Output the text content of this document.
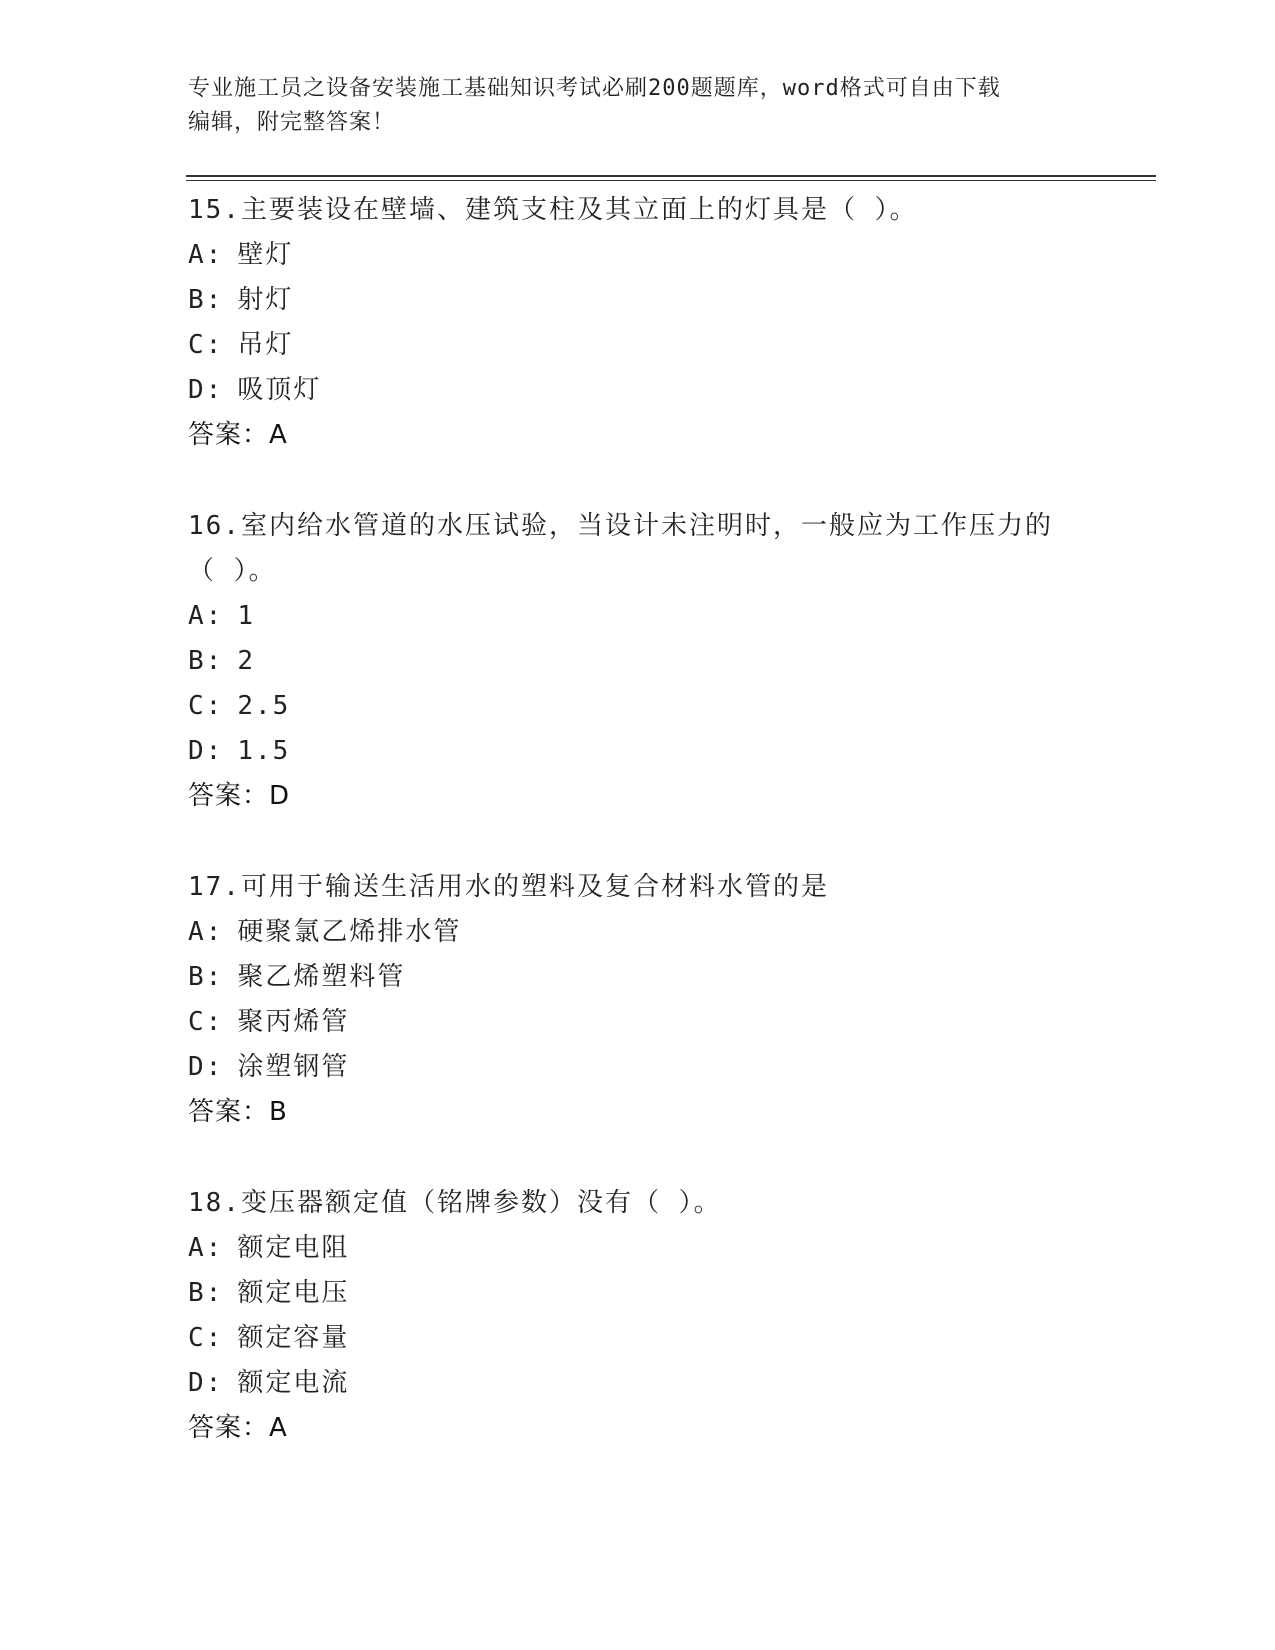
专业施工员之设备安装施工基础知识考试必刷200题题库，word格式可自由下载
编辑，附完整答案！

15.主要装设在壁墙、建筑支柱及其立面上的灯具是（ ）。

A: 壁灯
B: 射灯
C: 吊灯
D: 吸顶灯
答案： A

16.室内给水管道的水压试验，当设计未注明时，一般应为工作压力的

（ ）。

A: 1
B: 2
C: 2.5
D: 1.5
答案： D

17.可用于输送生活用水的塑料及复合材料水管的是

A: 硬聚氯乙烯排水管
B: 聚乙烯塑料管
C: 聚丙烯管
D: 涂塑钢管
答案： B

18.变压器额定值（铭牌参数）没有（ ）。

A: 额定电阻
B: 额定电压
C: 额定容量
D: 额定电流
答案： A
